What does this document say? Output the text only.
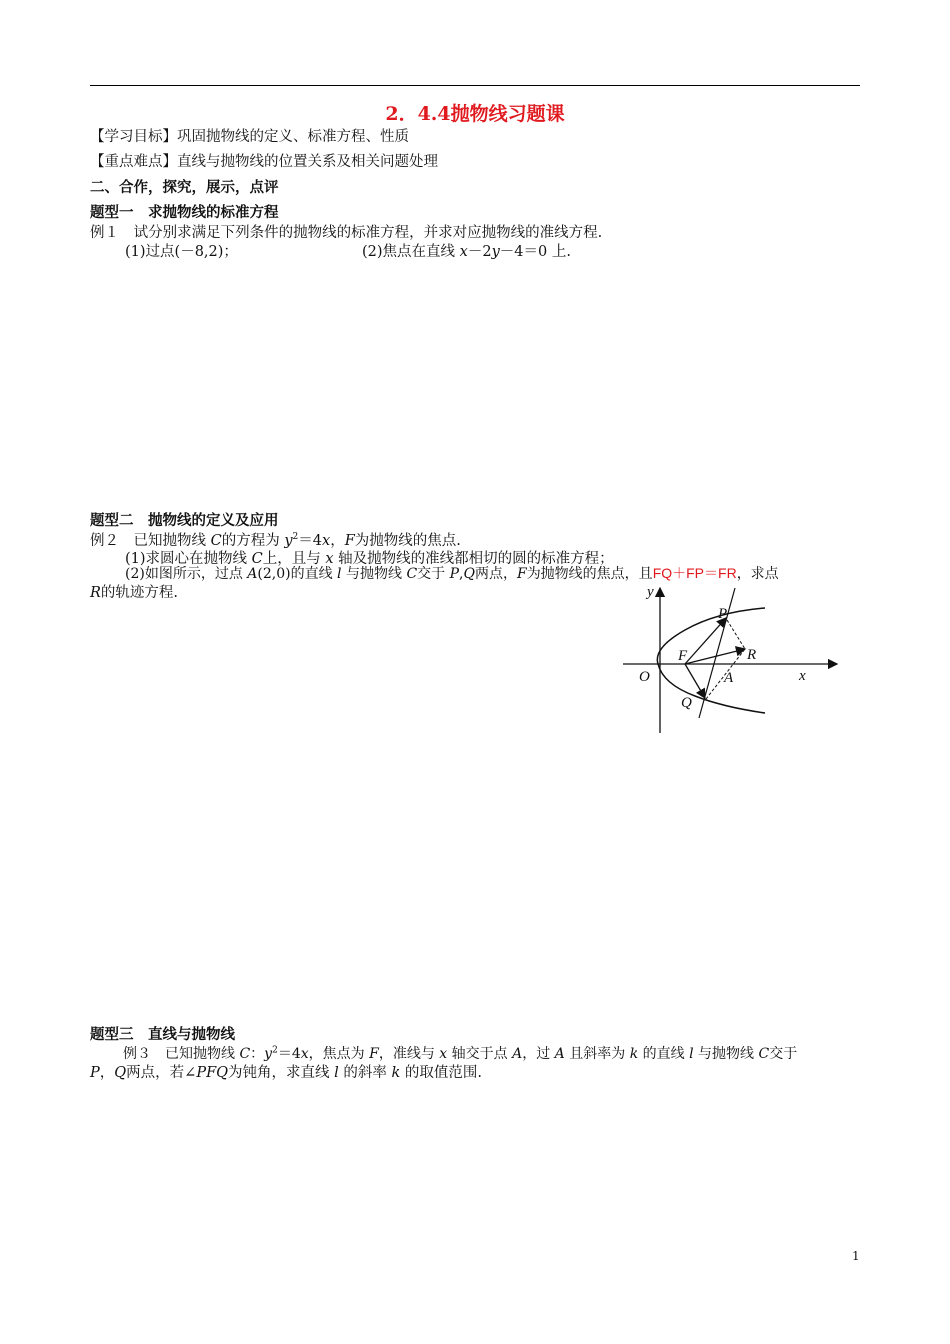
2．4.4抛物线习题课
【学习目标】巩固抛物线的定义、标准方程、性质
【重点难点】直线与抛物线的位置关系及相关问题处理
二、合作，探究，展示，点评
题型一　求抛物线的标准方程
例１ 试分别求满足下列条件的抛物线的标准方程，并求对应抛物线的准线方程.
(1)过点(－8,2)；	(2)焦点在直线 x－2y－4＝0 上.
题型二　抛物线的定义及应用
例２　已知抛物线 C的方程为 $y^2=4x$，F为抛物线的焦点.
(1)求圆心在抛物线 C上，且与 x 轴及抛物线的准线都相切的圆的标准方程；
(2)如图所示，过点 A(2,0)的直线 l 与抛物线 C交于 P,Q两点，F为抛物线的焦点，且FQ＋FP＝FR，求点
R的轨迹方程.	y
x
O
F
P
Q
R
A
题型三　直线与抛物线
例３　已知抛物线 C：$y^2=4x$，焦点为 F，准线与 x 轴交于点 A，过 A 且斜率为 k 的直线 l 与抛物线 C交于
P，Q两点，若∠PFQ为钝角，求直线 l 的斜率 k 的取值范围.
1
